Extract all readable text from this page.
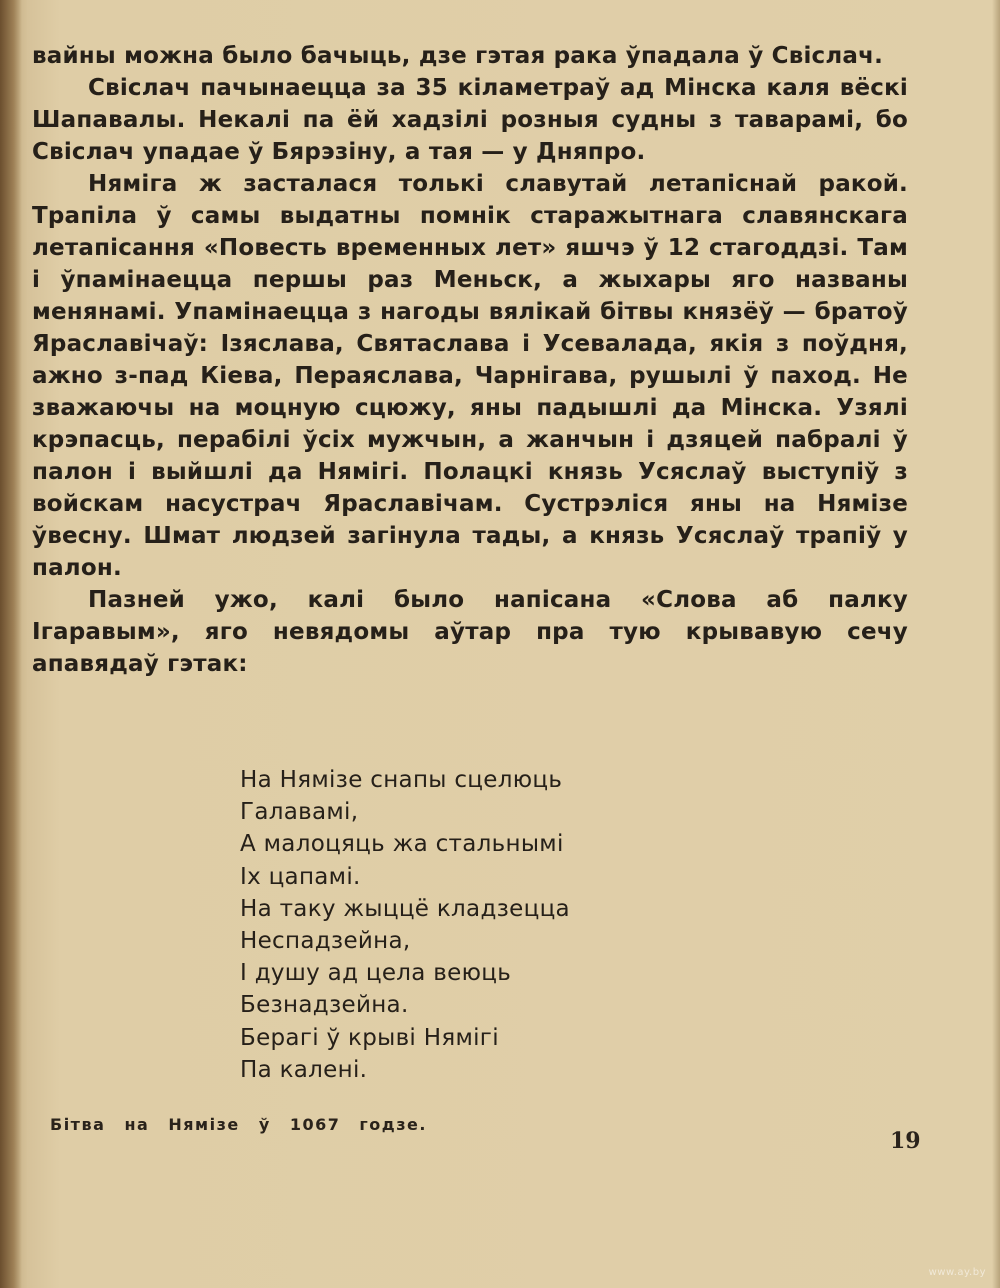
вайны можна было бачыць, дзе гэтая рака ўпадала ў Свіслач.

Свіслач пачынаецца за 35 кіламетраў ад Мінска каля вёскі Шапавалы. Некалі па ёй хадзілі розныя судны з таварамі, бо Свіслач упадае ў Бярэзіну, а тая — у Дняпро.

Няміга ж засталася толькі славутай летапіснай ракой. Трапіла ў самы выдатны помнік старажытнага славянскага летапісання «Повесть временных лет» яшчэ ў 12 стагоддзі. Там і ўпамінаецца першы раз Меньск, а жыхары яго названы менянамі. Упамінаецца з нагоды вялікай бітвы князёў — братоў Яраславічаў: Ізяслава, Святаслава і Усевалада, якія з поўдня, ажно з-пад Кіева, Пераяслава, Чарнігава, рушылі ў паход. Не зважаючы на моцную сцюжу, яны падышлі да Мінска. Узялі крэпасць, перабілі ўсіх мужчын, а жанчын і дзяцей пабралі ў палон і выйшлі да Нямігі. Полацкі князь Усяслаў выступіў з войскам насустрач Яраславічам. Сустрэліся яны на Нямізе ўвесну. Шмат людзей загінула тады, а князь Усяслаў трапіў у палон.

Пазней ужо, калі было напісана «Слова аб палку Ігаравым», яго невядомы аўтар пра тую крывавую сечу апавядаў гэтак:

На Нямізе снапы сцелюць
Галавамі,
А малоцяць жа стальнымі
Іх цапамі.
На таку жыццё кладзецца
Неспадзейна,
І душу ад цела веюць
Безнадзейна.
Берагі ў крыві Нямігі
Па калені.
Бітва на Нямізе ў 1067 годзе.
19
www.ay.by
